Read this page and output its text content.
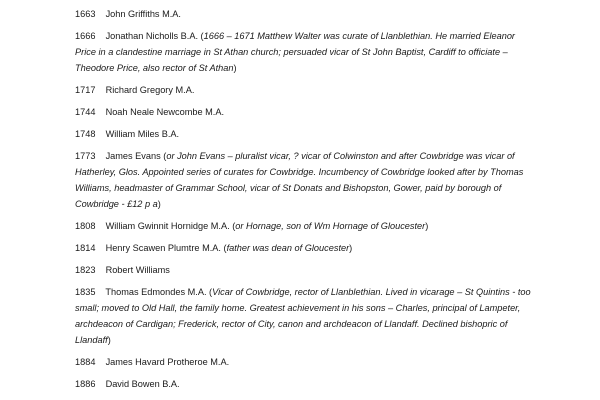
1663 John Griffiths M.A.
1666 Jonathan Nicholls B.A. (1666 – 1671 Matthew Walter was curate of Llanblethian. He married Eleanor Price in a clandestine marriage in St Athan church; persuaded vicar of St John Baptist, Cardiff to officiate – Theodore Price, also rector of St Athan)
1717 Richard Gregory M.A.
1744 Noah Neale Newcombe M.A.
1748 William Miles B.A.
1773 James Evans (or John Evans – pluralist vicar, ? vicar of Colwinston and after Cowbridge was vicar of Hatherley, Glos. Appointed series of curates for Cowbridge. Incumbency of Cowbridge looked after by Thomas Williams, headmaster of Grammar School, vicar of St Donats and Bishopston, Gower, paid by borough of Cowbridge - £12 p a)
1808 William Gwinnit Hornidge M.A. (or Hornage, son of Wm Hornage of Gloucester)
1814 Henry Scawen Plumtre M.A. (father was dean of Gloucester)
1823 Robert Williams
1835 Thomas Edmondes M.A. (Vicar of Cowbridge, rector of Llanblethian. Lived in vicarage – St Quintins - too small; moved to Old Hall, the family home. Greatest achievement in his sons – Charles, principal of Lampeter, archdeacon of Cardigan; Frederick, rector of City, canon and archdeacon of Llandaff. Declined bishopric of Llandaff)
1884 James Havard Protheroe M.A.
1886 David Bowen B.A.
